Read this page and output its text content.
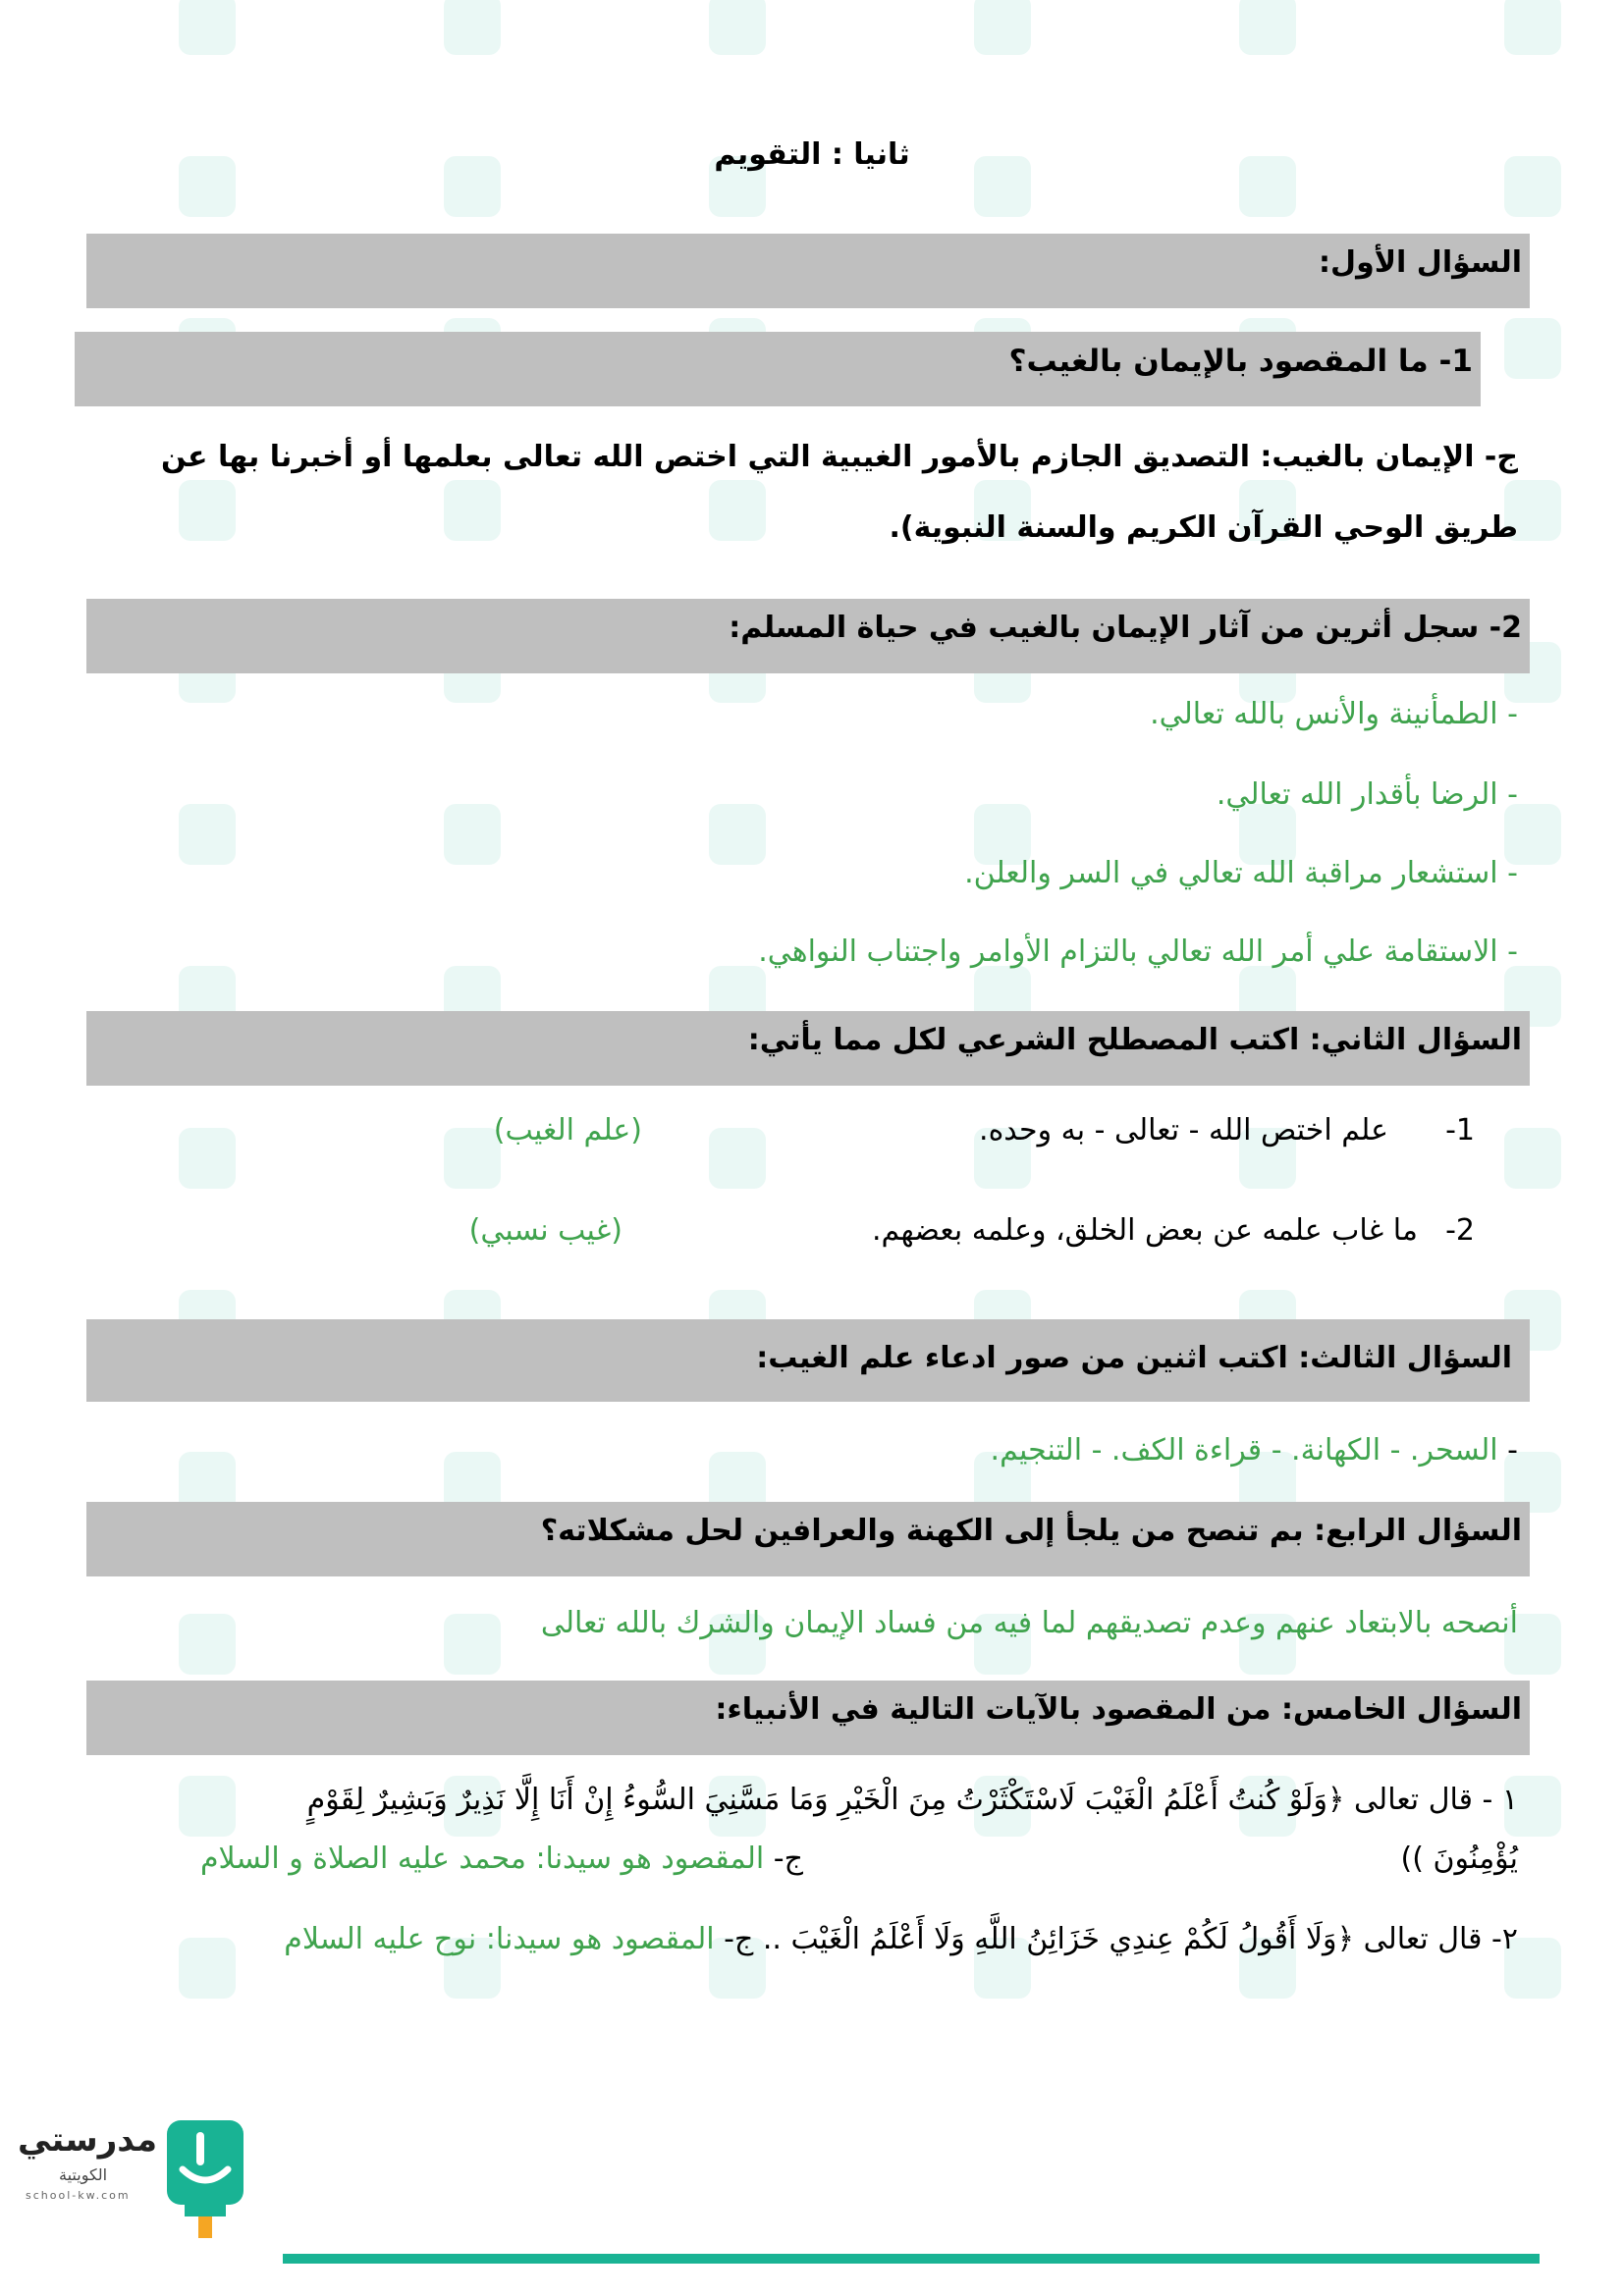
ثانيا : التقويم
السؤال الأول:
1- ما المقصود بالإيمان بالغيب؟
ج- الإيمان بالغيب: التصديق الجازم بالأمور الغيبية التي اختص الله تعالى بعلمها أو أخبرنا بها عن
طريق الوحي القرآن الكريم والسنة النبوية).
2- سجل أثرين من آثار الإيمان بالغيب في حياة المسلم:
- الطمأنينة والأنس بالله تعالي.
- الرضا بأقدار الله تعالي.
- استشعار مراقبة الله تعالي في السر والعلن.
- الاستقامة علي أمر الله تعالي بالتزام الأوامر واجتناب النواهي.
السؤال الثاني: اكتب المصطلح الشرعي لكل مما يأتي:
1-
علم اختص الله - تعالى - به وحده.
(علم الغيب)
2-
ما غاب علمه عن بعض الخلق، وعلمه بعضهم.
(غيب نسبي)
السؤال الثالث: اكتب اثنين من صور ادعاء علم الغيب:
- السحر. - الكهانة. - قراءة الكف. - التنجيم.
السؤال الرابع: بم تنصح من يلجأ إلى الكهنة والعرافين لحل مشكلاته؟
أنصحه بالابتعاد عنهم وعدم تصديقهم لما فيه من فساد الإيمان والشرك بالله تعالى
السؤال الخامس: من المقصود بالآيات التالية في الأنبياء:
١ - قال تعالى ﴿وَلَوْ كُنتُ أَعْلَمُ الْغَيْبَ لَاسْتَكْثَرْتُ مِنَ الْخَيْرِ وَمَا مَسَّنِيَ السُّوءُ إِنْ أَنَا إِلَّا نَذِيرٌ وَبَشِيرٌ لِقَوْمٍ
يُؤْمِنُونَ ))
ج- المقصود هو سيدنا: محمد عليه الصلاة و السلام
٢- قال تعالى ﴿وَلَا أَقُولُ لَكُمْ عِندِي خَزَائِنُ اللَّهِ وَلَا أَعْلَمُ الْغَيْبَ .. ج- المقصود هو سيدنا: نوح عليه السلام
مدرستي
الكويتية
school-kw.com
